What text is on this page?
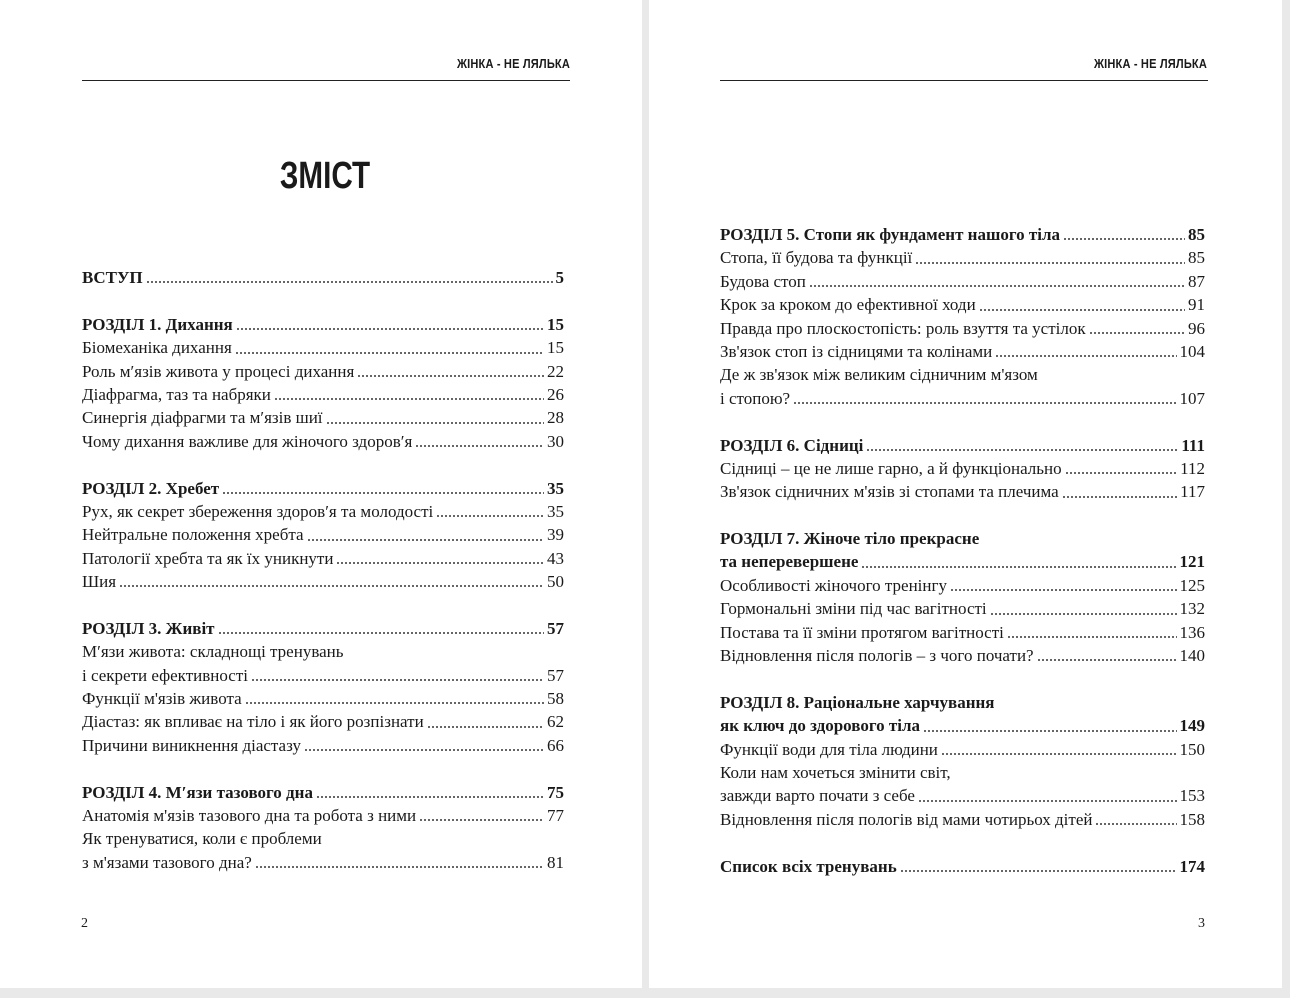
ЖІНКА - НЕ ЛЯЛЬКА
ЗМІСТ
ВСТУП	5
РОЗДІЛ 1. Дихання	15
Біомеханіка дихання	15
Роль м′язів живота у процесі дихання	22
Діафрагма, таз та набряки	26
Синергія діафрагми та м′язів шиї	28
Чому дихання важливе для жіночого здоров′я	30
РОЗДІЛ 2. Хребет	35
Рух, як секрет збереження здоров′я та молодості	35
Нейтральне положення хребта	39
Патології хребта та як їх уникнути	43
Шия	50
РОЗДІЛ 3. Живіт	57
М′язи живота: складнощі тренувань
і секрети ефективності	57
Функції м'язів живота	58
Діастаз: як впливає на тіло і як його розпізнати	62
Причини виникнення діастазу	66
РОЗДІЛ 4. М′язи тазового дна	75
Анатомія м'язів тазового дна та робота з ними	77
Як тренуватися, коли є проблеми
з м'язами тазового дна?	81
2
ЖІНКА - НЕ ЛЯЛЬКА
РОЗДІЛ 5. Стопи як фундамент нашого тіла	85
Стопа, її будова та функції	85
Будова стоп	87
Крок за кроком до ефективної ходи	91
Правда про плоскостопість: роль взуття та устілок	96
Зв'язок стоп із сідницями та колінами	104
Де ж зв'язок між великим сідничним м'язом
і стопою?	107
РОЗДІЛ 6. Сідниці	111
Сідниці – це не лише гарно, а й функціонально	112
Зв'язок сідничних м'язів зі стопами та плечима	117
РОЗДІЛ 7. Жіноче тіло прекрасне
та неперевершене	121
Особливості жіночого тренінгу	125
Гормональні зміни під час вагітності	132
Постава та її зміни протягом вагітності	136
Відновлення після пологів – з чого почати?	140
РОЗДІЛ 8. Раціональне харчування
як ключ до здорового тіла	149
Функції води для тіла людини	150
Коли нам хочеться змінити світ,
завжди варто почати з себе	153
Відновлення після пологів від мами чотирьох дітей	158
Список всіх тренувань	174
3
